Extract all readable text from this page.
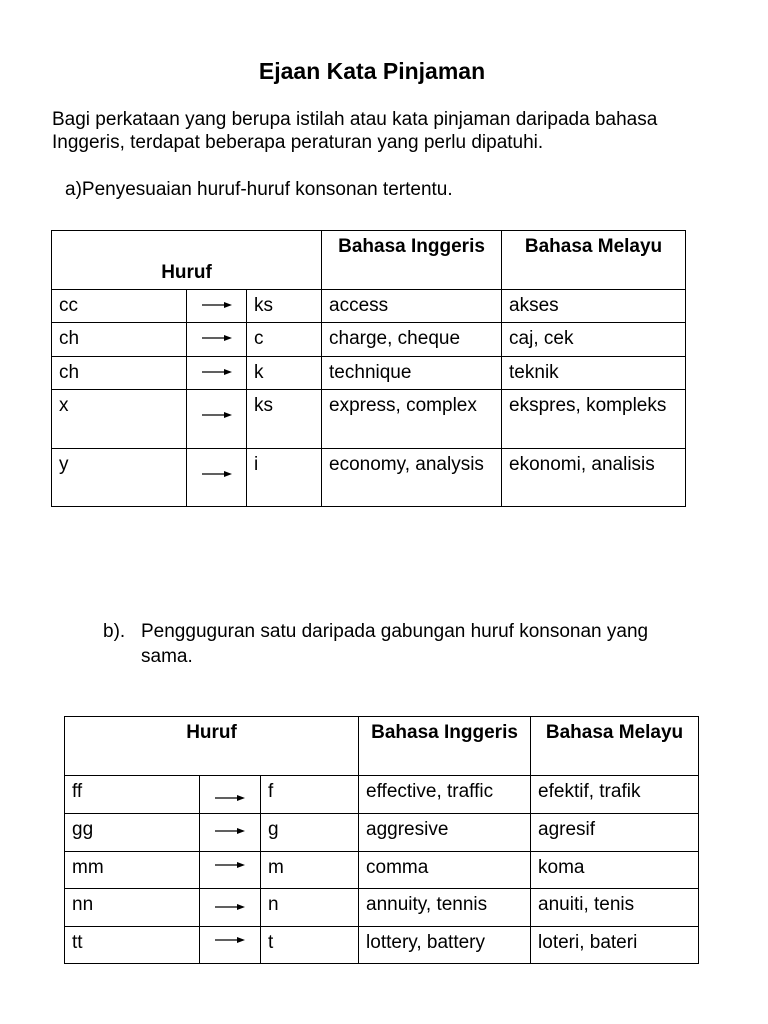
Ejaan Kata Pinjaman
Bagi perkataan yang berupa istilah atau kata pinjaman daripada bahasa Inggeris, terdapat beberapa peraturan yang perlu dipatuhi.
a)Penyesuaian huruf-huruf konsonan tertentu.
Huruf			Bahasa Inggeris	Bahasa Melayu
cc		ks	access	akses
ch		c	charge, cheque	caj, cek
ch		k	technique	teknik
x		ks	express, complex	ekspres, kompleks
y		i	economy, analysis	ekonomi, analisis
b). Pengguguran satu daripada gabungan huruf konsonan yang sama.
Huruf			Bahasa Inggeris	Bahasa Melayu
ff		f	effective, traffic	efektif, trafik
gg		g	aggresive	agresif
mm		m	comma	koma
nn		n	annuity, tennis	anuiti, tenis
tt		t	lottery, battery	loteri, bateri
